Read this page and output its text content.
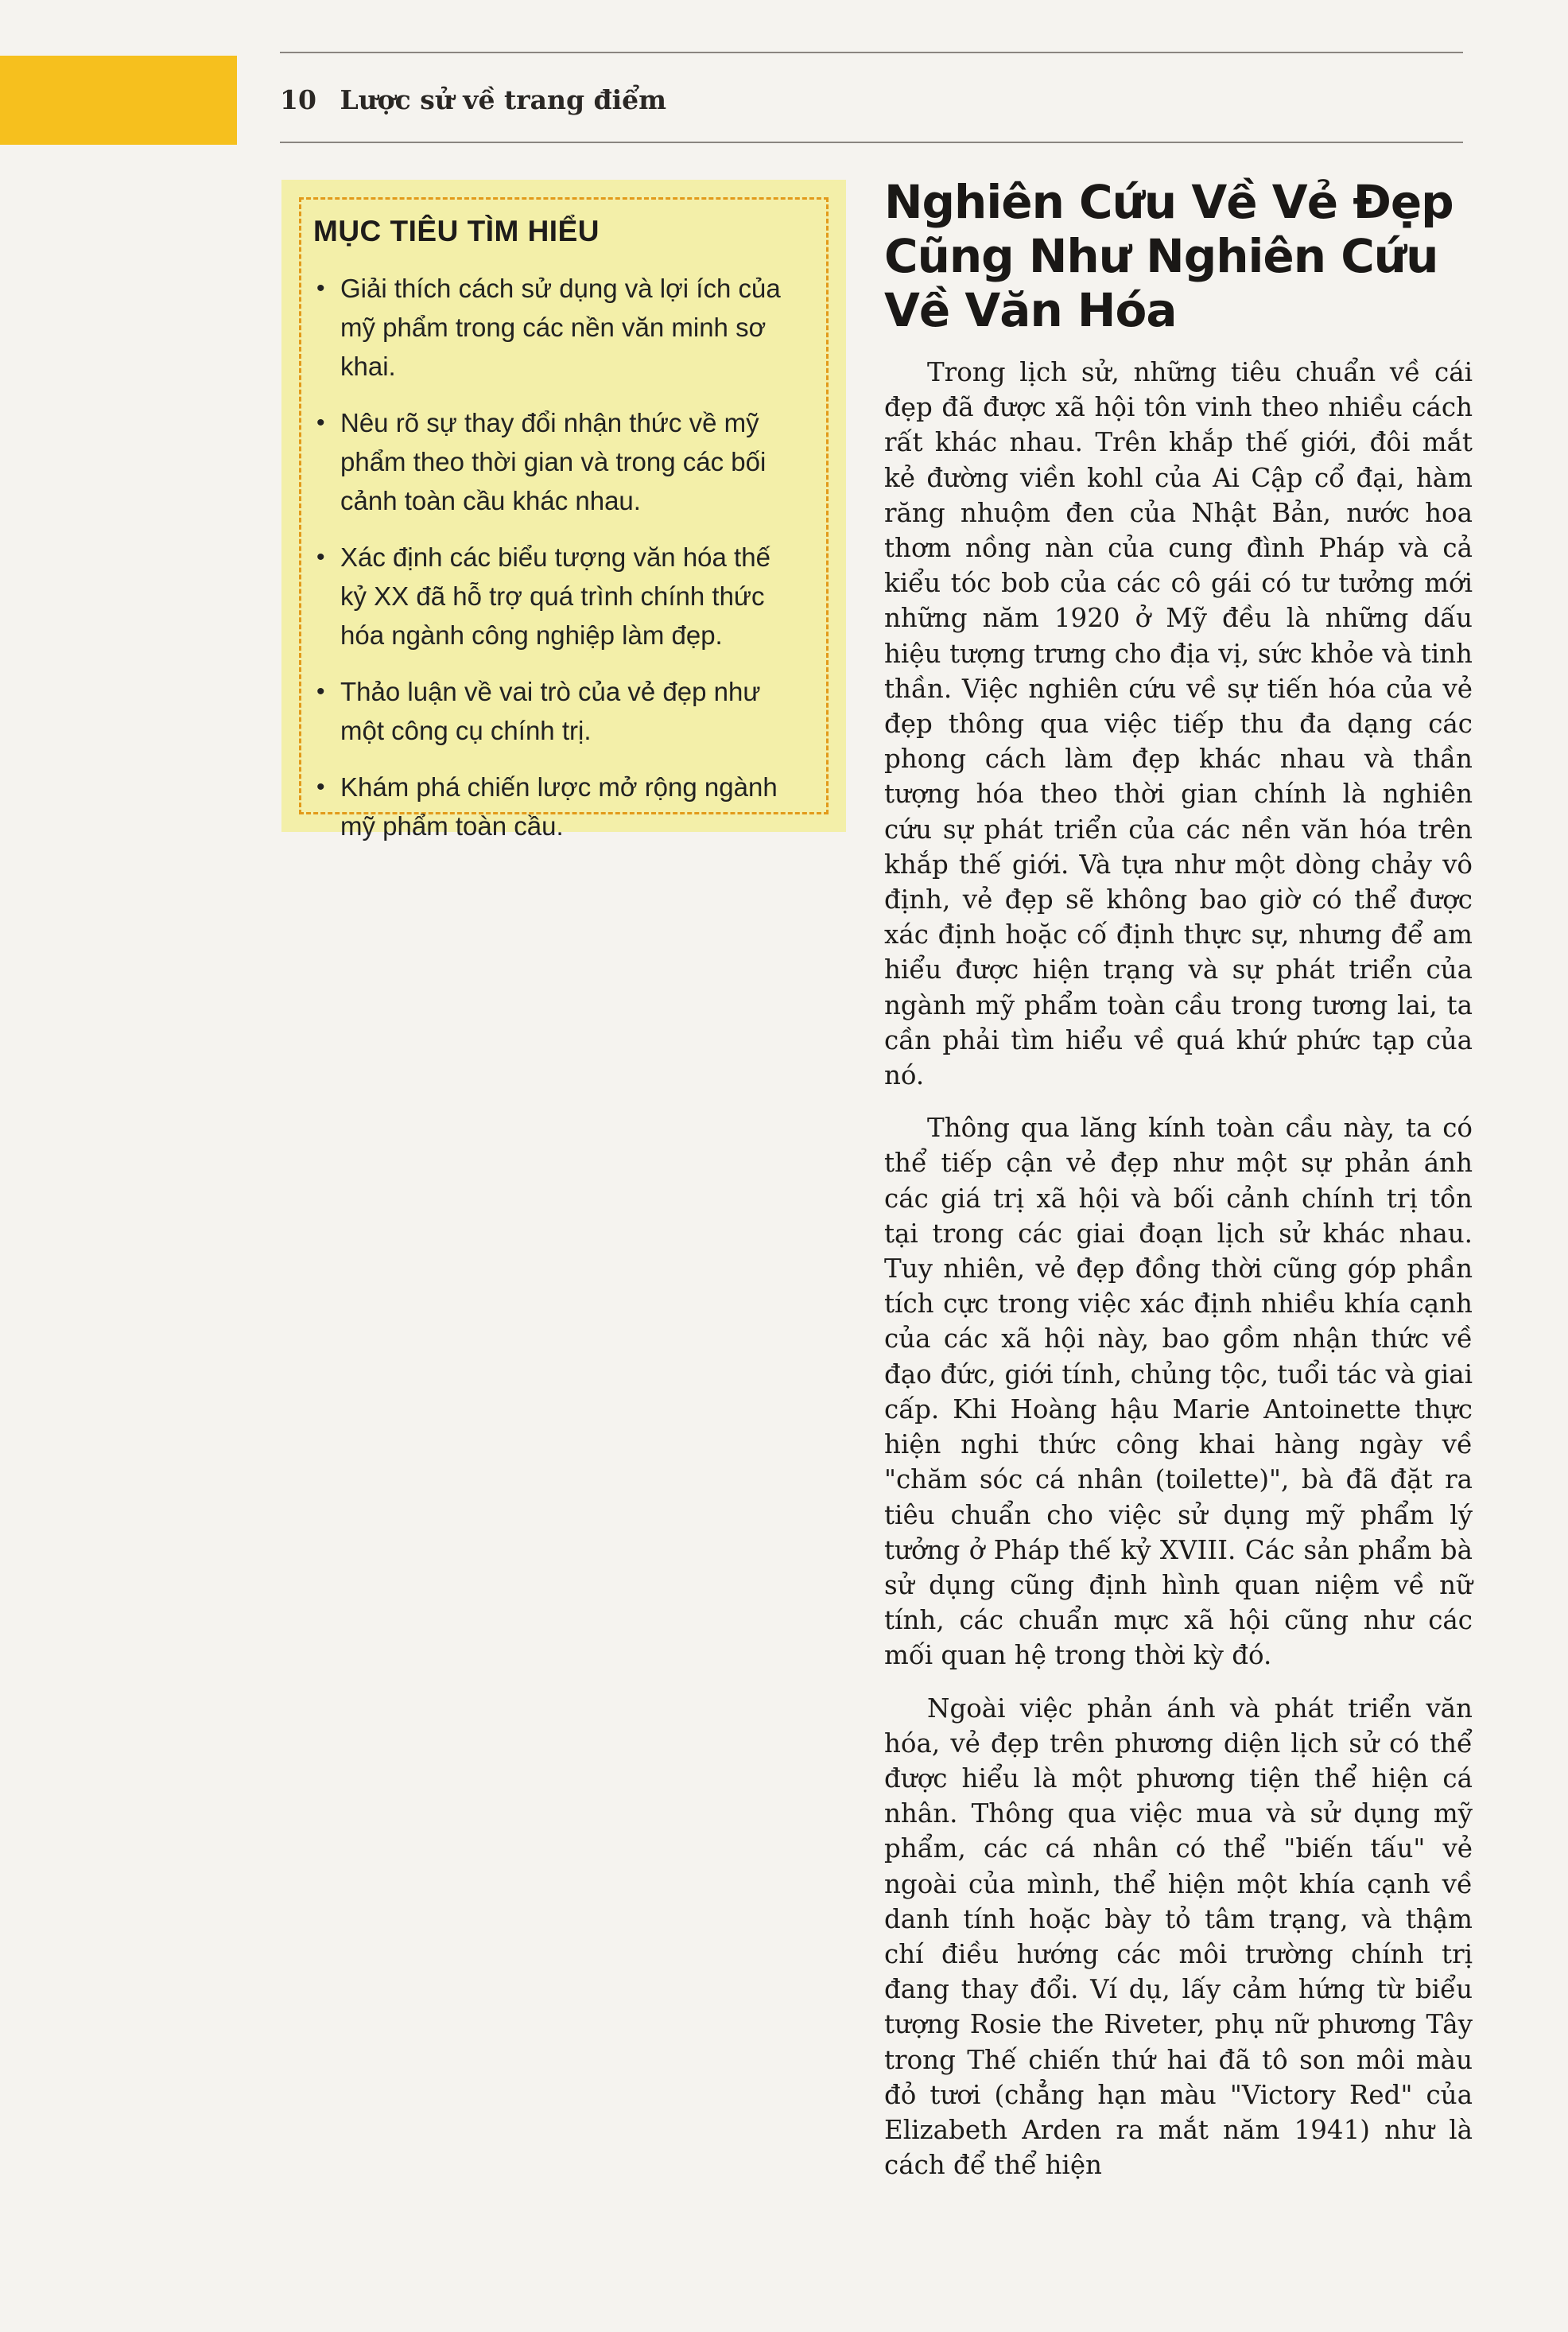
10 Lược sử về trang điểm
MỤC TIÊU TÌM HIỂU
• Giải thích cách sử dụng và lợi ích của mỹ phẩm trong các nền văn minh sơ khai.
• Nêu rõ sự thay đổi nhận thức về mỹ phẩm theo thời gian và trong các bối cảnh toàn cầu khác nhau.
• Xác định các biểu tượng văn hóa thế kỷ XX đã hỗ trợ quá trình chính thức hóa ngành công nghiệp làm đẹp.
• Thảo luận về vai trò của vẻ đẹp như một công cụ chính trị.
• Khám phá chiến lược mở rộng ngành mỹ phẩm toàn cầu.
Nghiên Cứu Về Vẻ Đẹp Cũng Như Nghiên Cứu Về Văn Hóa

Trong lịch sử, những tiêu chuẩn về cái đẹp đã được xã hội tôn vinh theo nhiều cách rất khác nhau. Trên khắp thế giới, đôi mắt kẻ đường viền kohl của Ai Cập cổ đại, hàm răng nhuộm đen của Nhật Bản, nước hoa thơm nồng nàn của cung đình Pháp và cả kiểu tóc bob của các cô gái có tư tưởng mới những năm 1920 ở Mỹ đều là những dấu hiệu tượng trưng cho địa vị, sức khỏe và tinh thần. Việc nghiên cứu về sự tiến hóa của vẻ đẹp thông qua việc tiếp thu đa dạng các phong cách làm đẹp khác nhau và thần tượng hóa theo thời gian chính là nghiên cứu sự phát triển của các nền văn hóa trên khắp thế giới. Và tựa như một dòng chảy vô định, vẻ đẹp sẽ không bao giờ có thể được xác định hoặc cố định thực sự, nhưng để am hiểu được hiện trạng và sự phát triển của ngành mỹ phẩm toàn cầu trong tương lai, ta cần phải tìm hiểu về quá khứ phức tạp của nó.

Thông qua lăng kính toàn cầu này, ta có thể tiếp cận vẻ đẹp như một sự phản ánh các giá trị xã hội và bối cảnh chính trị tồn tại trong các giai đoạn lịch sử khác nhau. Tuy nhiên, vẻ đẹp đồng thời cũng góp phần tích cực trong việc xác định nhiều khía cạnh của các xã hội này, bao gồm nhận thức về đạo đức, giới tính, chủng tộc, tuổi tác và giai cấp. Khi Hoàng hậu Marie Antoinette thực hiện nghi thức công khai hàng ngày về "chăm sóc cá nhân (toilette)", bà đã đặt ra tiêu chuẩn cho việc sử dụng mỹ phẩm lý tưởng ở Pháp thế kỷ XVIII. Các sản phẩm bà sử dụng cũng định hình quan niệm về nữ tính, các chuẩn mực xã hội cũng như các mối quan hệ trong thời kỳ đó.

Ngoài việc phản ánh và phát triển văn hóa, vẻ đẹp trên phương diện lịch sử có thể được hiểu là một phương tiện thể hiện cá nhân. Thông qua việc mua và sử dụng mỹ phẩm, các cá nhân có thể "biến tấu" vẻ ngoài của mình, thể hiện một khía cạnh về danh tính hoặc bày tỏ tâm trạng, và thậm chí điều hướng các môi trường chính trị đang thay đổi. Ví dụ, lấy cảm hứng từ biểu tượng Rosie the Riveter, phụ nữ phương Tây trong Thế chiến thứ hai đã tô son môi màu đỏ tươi (chẳng hạn màu "Victory Red" của Elizabeth Arden ra mắt năm 1941) như là cách để thể hiện
